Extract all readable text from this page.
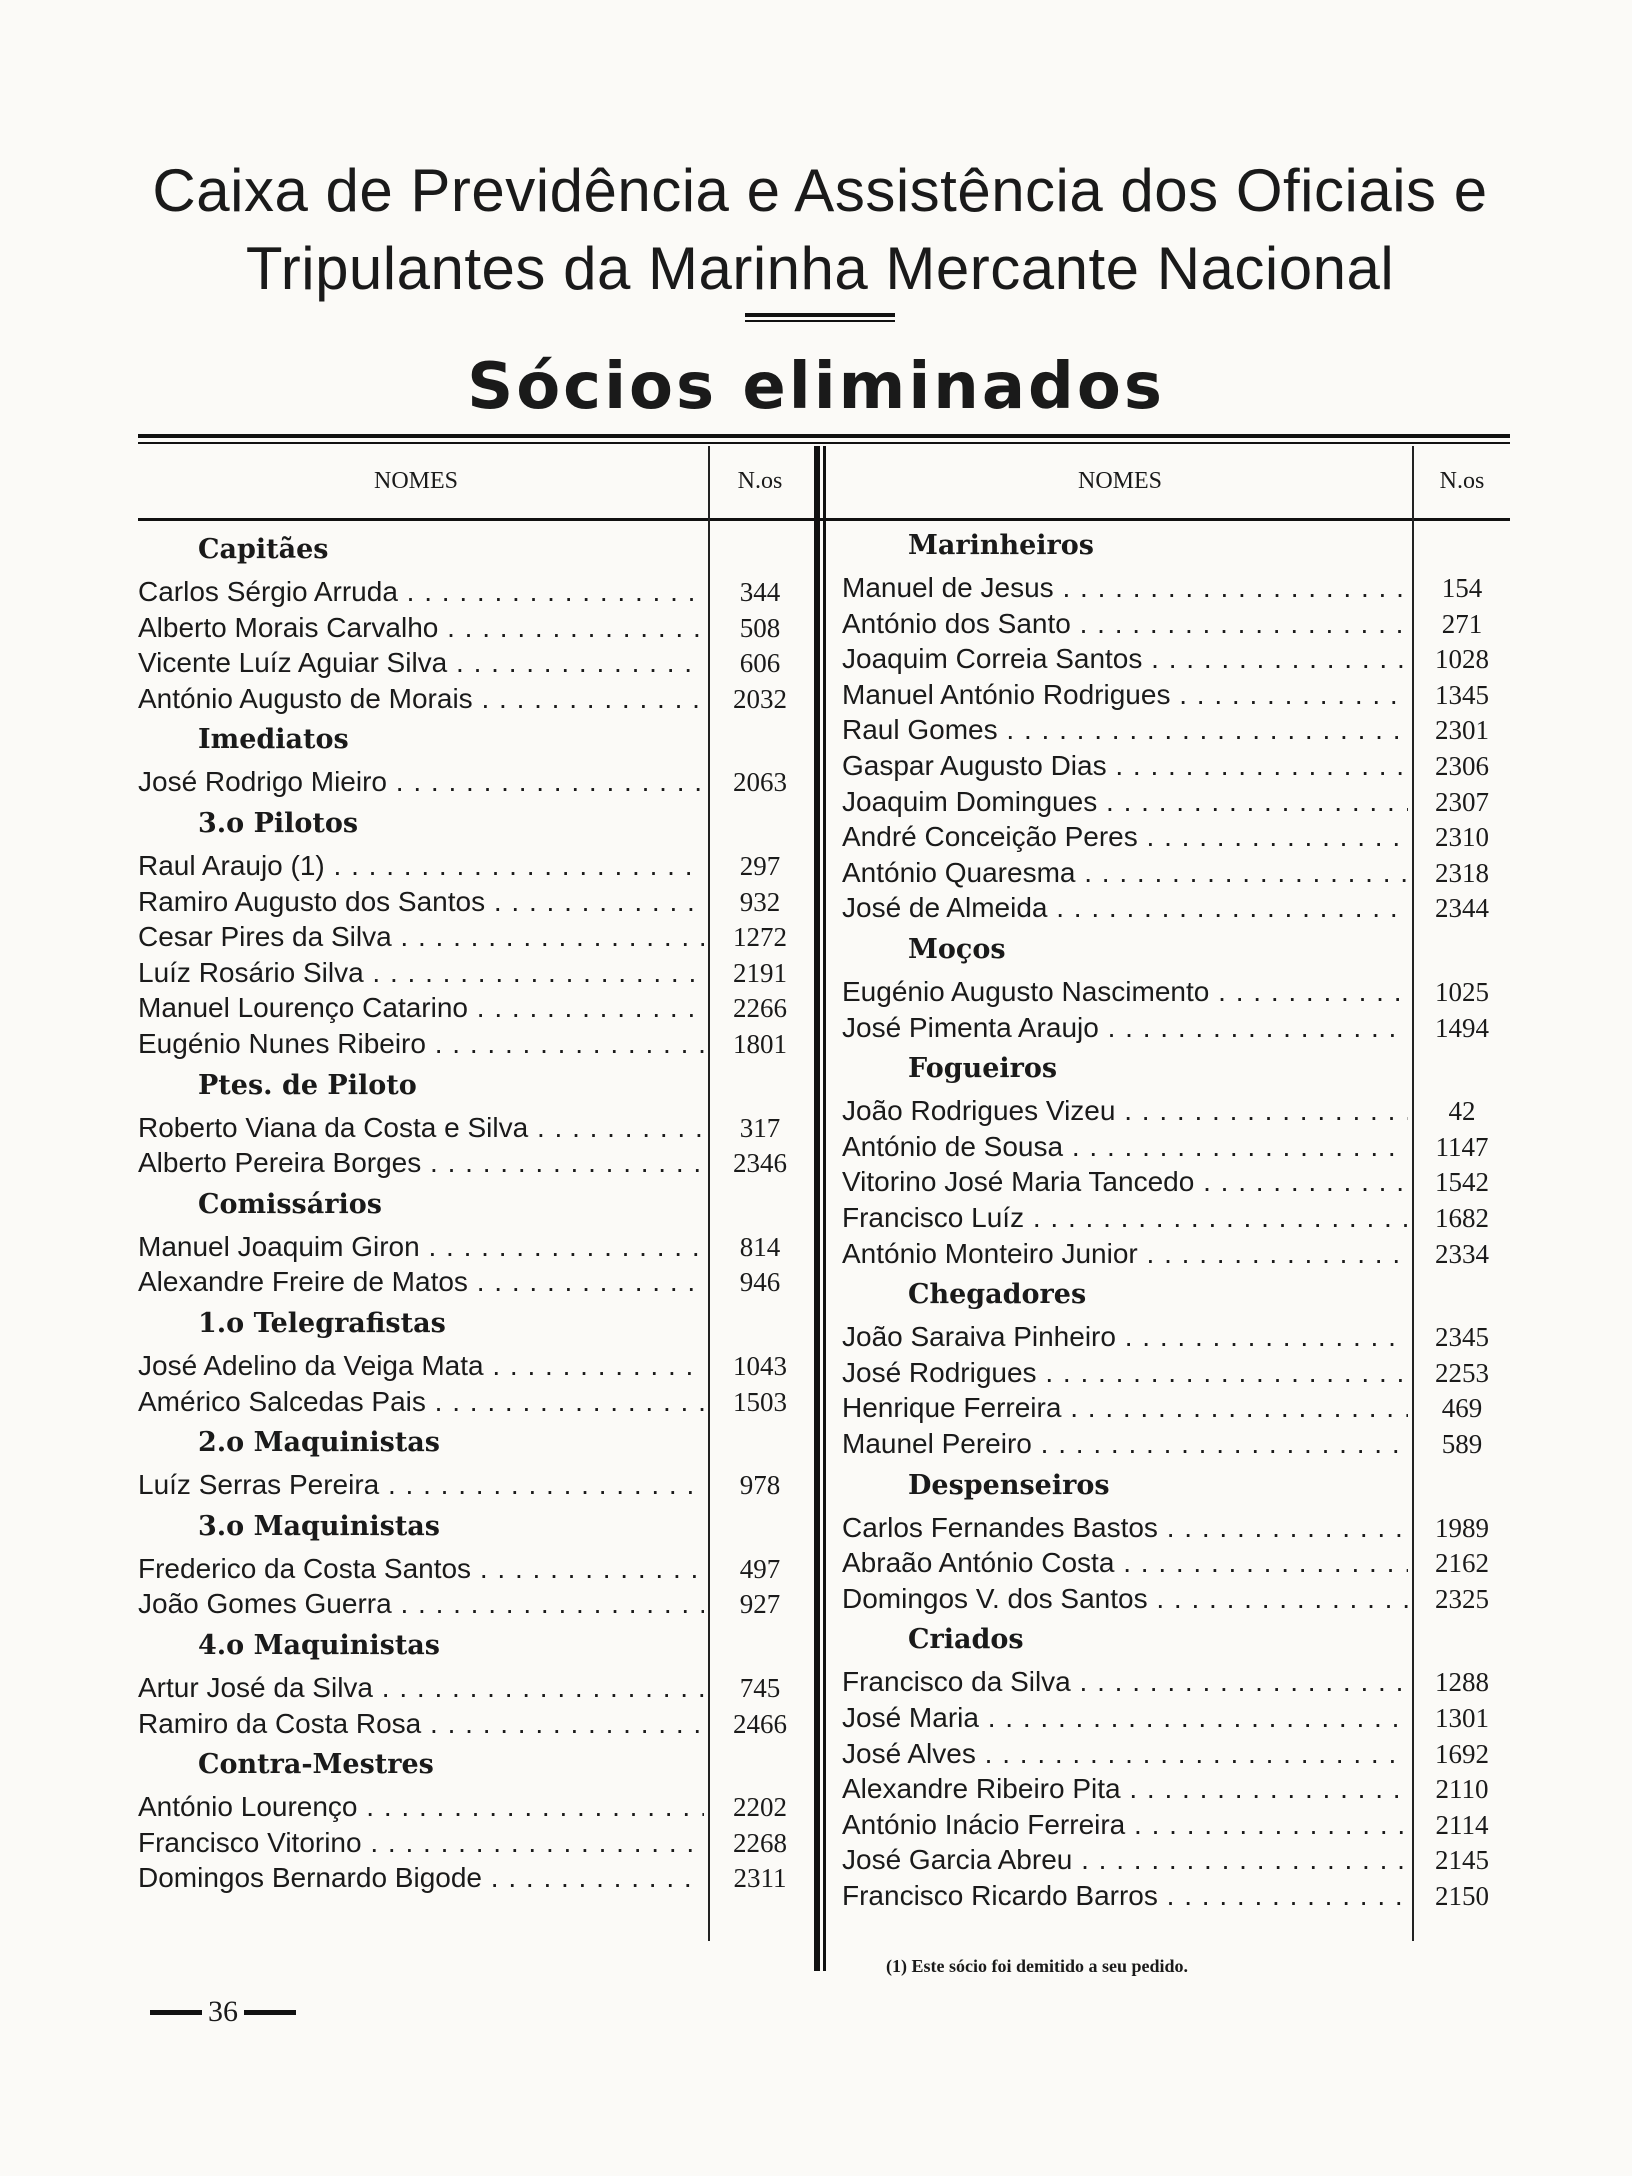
Caixa de Previdência e Assistência dos Oficiais e Tripulantes da Marinha Mercante Nacional
Sócios eliminados
NOMES	N.os	NOMES	N.os
Capitães
Carlos Sérgio Arruda . . .	344
Alberto Morais Carvalho . . .	508
Vicente Luíz Aguiar Silva . . .	606
António Augusto de Morais . . .	2032
Imediatos
José Rodrigo Mieiro . . .	2063
3.o Pilotos
Raul Araujo (1) . . .	297
Ramiro Augusto dos Santos . . .	932
Cesar Pires da Silva . . .	1272
Luíz Rosário Silva . . .	2191
Manuel Lourenço Catarino . . .	2266
Eugénio Nunes Ribeiro . . .	1801
Ptes. de Piloto
Roberto Viana da Costa e Silva . . .	317
Alberto Pereira Borges . . .	2346
Comissários
Manuel Joaquim Giron . . .	814
Alexandre Freire de Matos . . .	946
1.o Telegrafistas
José Adelino da Veiga Mata . . .	1043
Américo Salcedas Pais . . .	1503
2.o Maquinistas
Luíz Serras Pereira . . .	978
3.o Maquinistas
Frederico da Costa Santos . . .	497
João Gomes Guerra . . .	927
4.o Maquinistas
Artur José da Silva . . .	745
Ramiro da Costa Rosa . . .	2466
Contra-Mestres
António Lourenço . . .	2202
Francisco Vitorino . . .	2268
Domingos Bernardo Bigode . . .	2311
Marinheiros
Manuel de Jesus . . .	154
António dos Santo . . .	271
Joaquim Correia Santos . . .	1028
Manuel António Rodrigues . . .	1345
Raul Gomes . . .	2301
Gaspar Augusto Dias . . .	2306
Joaquim Domingues . . .	2307
André Conceição Peres . . .	2310
António Quaresma . . .	2318
José de Almeida . . .	2344
Moços
Eugénio Augusto Nascimento . . .	1025
José Pimenta Araujo . . .	1494
Fogueiros
João Rodrigues Vizeu . . .	42
António de Sousa . . .	1147
Vitorino José Maria Tancedo . . .	1542
Francisco Luíz . . .	1682
António Monteiro Junior . . .	2334
Chegadores
João Saraiva Pinheiro . . .	2345
José Rodrigues . . .	2253
Henrique Ferreira . . .	469
Maunel Pereiro . . .	589
Despenseiros
Carlos Fernandes Bastos . . .	1989
Abraão António Costa . . .	2162
Domingos V. dos Santos . . .	2325
Criados
Francisco da Silva . . .	1288
José Maria . . .	1301
José Alves . . .	1692
Alexandre Ribeiro Pita . . .	2110
António Inácio Ferreira . . .	2114
José Garcia Abreu . . .	2145
Francisco Ricardo Barros . . .	2150
(1) Este sócio foi demitido a seu pedido.
36
